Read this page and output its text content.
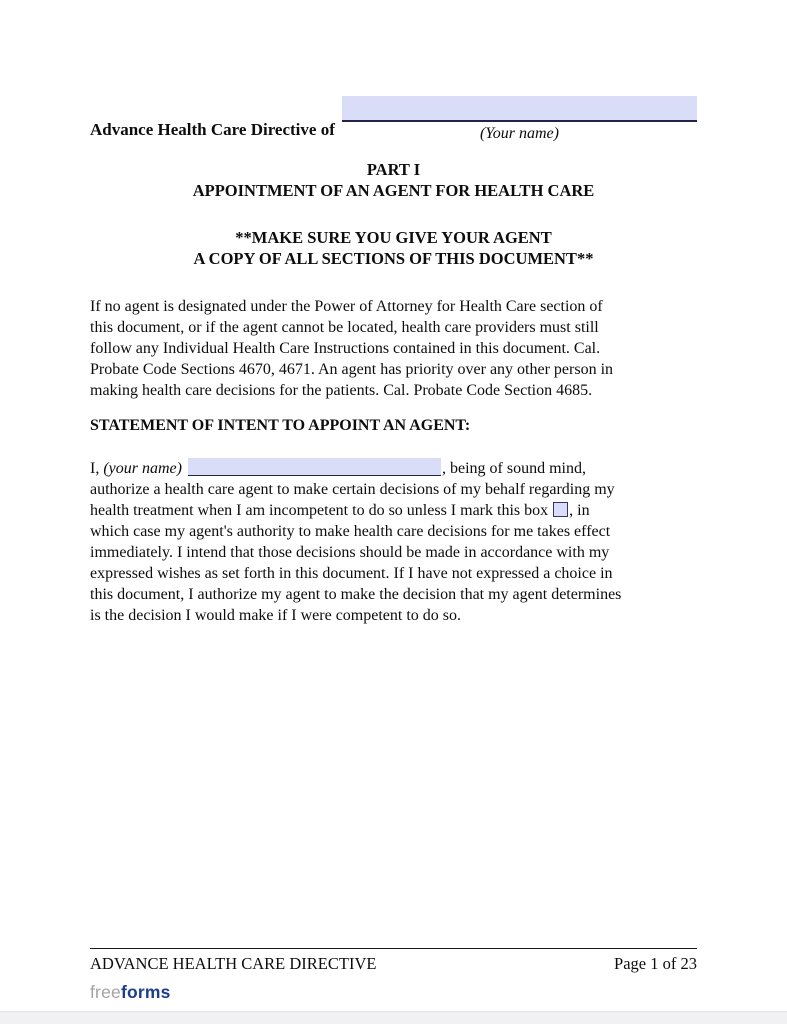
Advance Health Care Directive of	(Your name)
PART I
APPOINTMENT OF AN AGENT FOR HEALTH CARE
**MAKE SURE YOU GIVE YOUR AGENT
A COPY OF ALL SECTIONS OF THIS DOCUMENT**
If no agent is designated under the Power of Attorney for Health Care section of
this document, or if the agent cannot be located, health care providers must still
follow any Individual Health Care Instructions contained in this document. Cal.
Probate Code Sections 4670, 4671. An agent has priority over any other person in
making health care decisions for the patients. Cal. Probate Code Section 4685.
STATEMENT OF INTENT TO APPOINT AN AGENT:
I, (your name)	, being of sound mind,
authorize a health care agent to make certain decisions of my behalf regarding my
health treatment when I am incompetent to do so unless I mark this box , in
which case my agent's authority to make health care decisions for me takes effect
immediately. I intend that those decisions should be made in accordance with my
expressed wishes as set forth in this document. If I have not expressed a choice in
this document, I authorize my agent to make the decision that my agent determines
is the decision I would make if I were competent to do so.
ADVANCE HEALTH CARE DIRECTIVE	Page 1 of 23
freeforms
